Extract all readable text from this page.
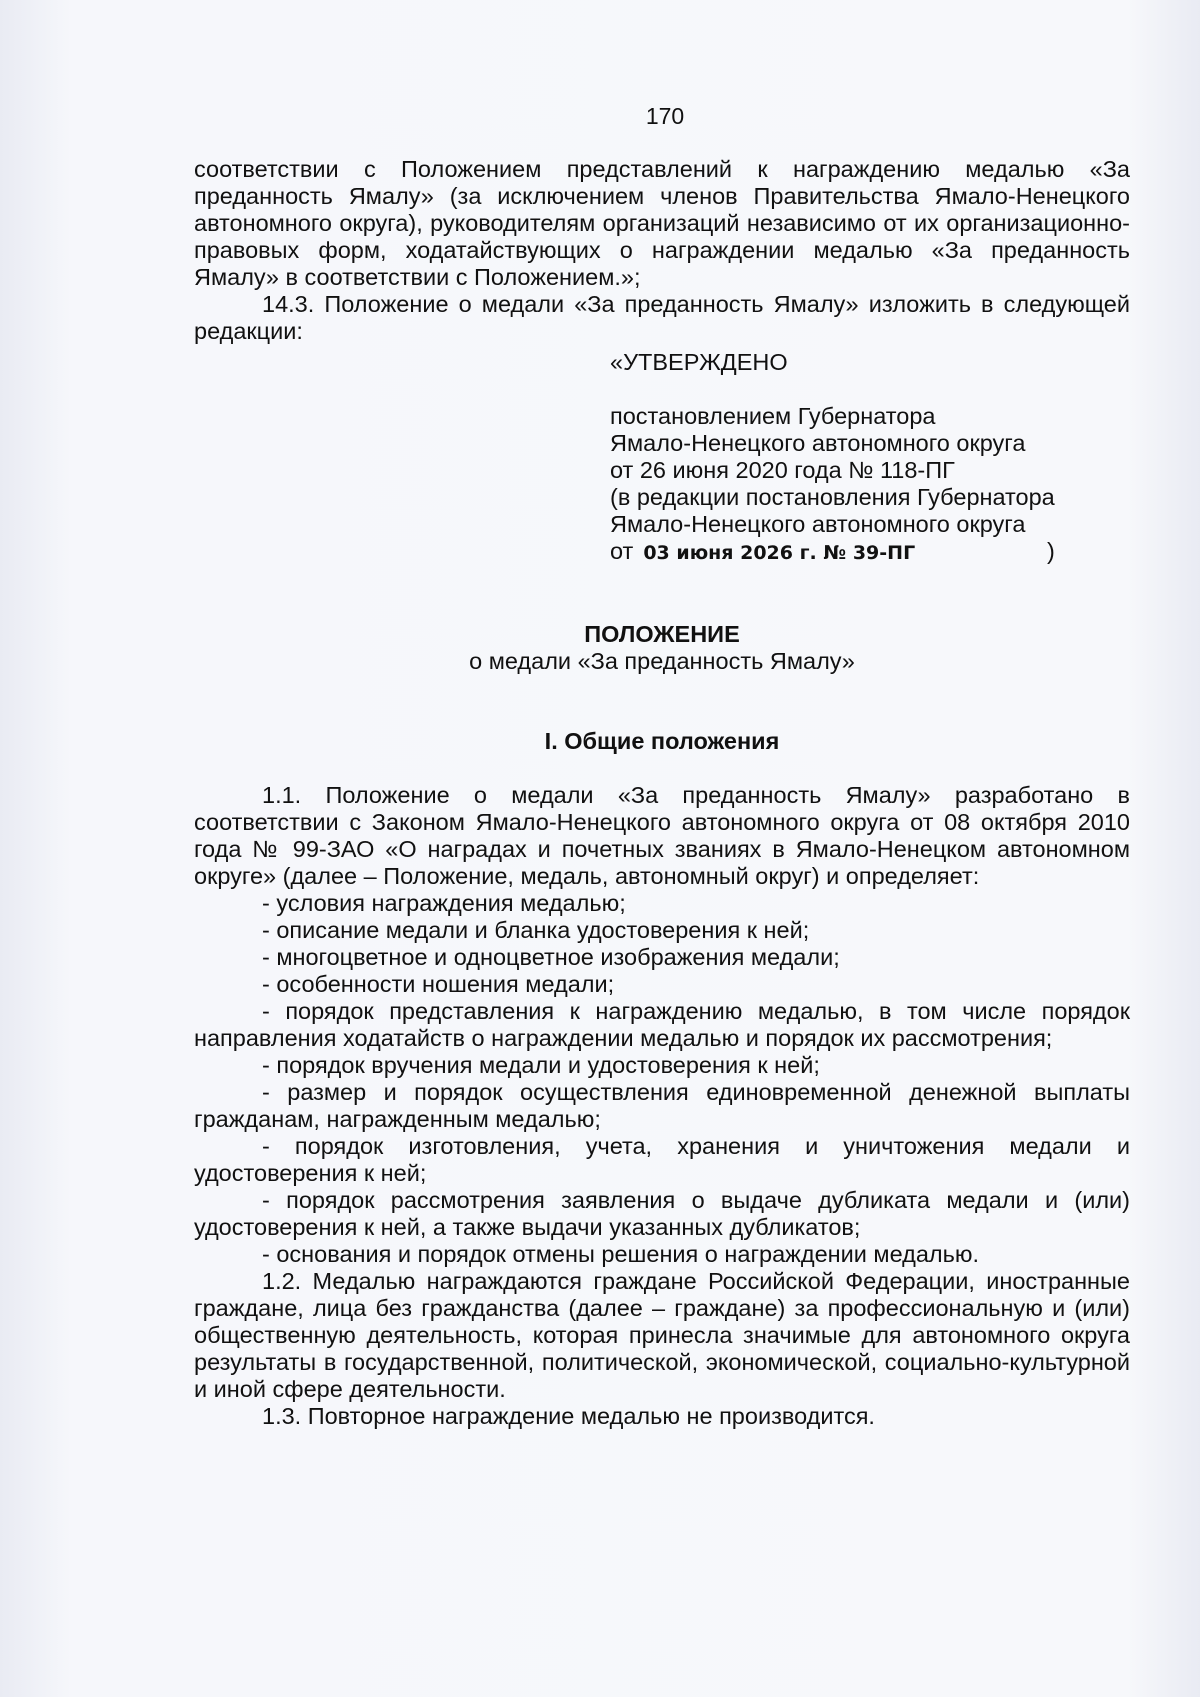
170

соответствии с Положением представлений к награждению медалью «За преданность Ямалу» (за исключением членов Правительства Ямало-Ненецкого автономного округа), руководителям организаций независимо от их организационно-правовых форм, ходатайствующих о награждении медалью «За преданность Ямалу» в соответствии с Положением.»;

14.3. Положение о медали «За преданность Ямалу» изложить в следующей редакции:

«УТВЕРЖДЕНО
постановлением Губернатора
Ямало-Ненецкого автономного округа
от 26 июня 2020 года № 118-ПГ
(в редакции постановления Губернатора
Ямало-Ненецкого автономного округа
от 03 июня 2026 г. № 39-ПГ	)
ПОЛОЖЕНИЕ
о медали «За преданность Ямалу»
I. Общие положения

1.1. Положение о медали «За преданность Ямалу» разработано в соответствии с Законом Ямало-Ненецкого автономного округа от 08 октября 2010 года № 99-ЗАО «О наградах и почетных званиях в Ямало-Ненецком автономном округе» (далее – Положение, медаль, автономный округ) и определяет:

- условия награждения медалью;

- описание медали и бланка удостоверения к ней;

- многоцветное и одноцветное изображения медали;

- особенности ношения медали;

- порядок представления к награждению медалью, в том числе порядок направления ходатайств о награждении медалью и порядок их рассмотрения;

- порядок вручения медали и удостоверения к ней;

- размер и порядок осуществления единовременной денежной выплаты гражданам, награжденным медалью;

- порядок изготовления, учета, хранения и уничтожения медали и удостоверения к ней;

- порядок рассмотрения заявления о выдаче дубликата медали и (или) удостоверения к ней, а также выдачи указанных дубликатов;

- основания и порядок отмены решения о награждении медалью.

1.2. Медалью награждаются граждане Российской Федерации, иностранные граждане, лица без гражданства (далее – граждане) за профессиональную и (или) общественную деятельность, которая принесла значимые для автономного округа результаты в государственной, политической, экономической, социально-культурной и иной сфере деятельности.

1.3. Повторное награждение медалью не производится.
